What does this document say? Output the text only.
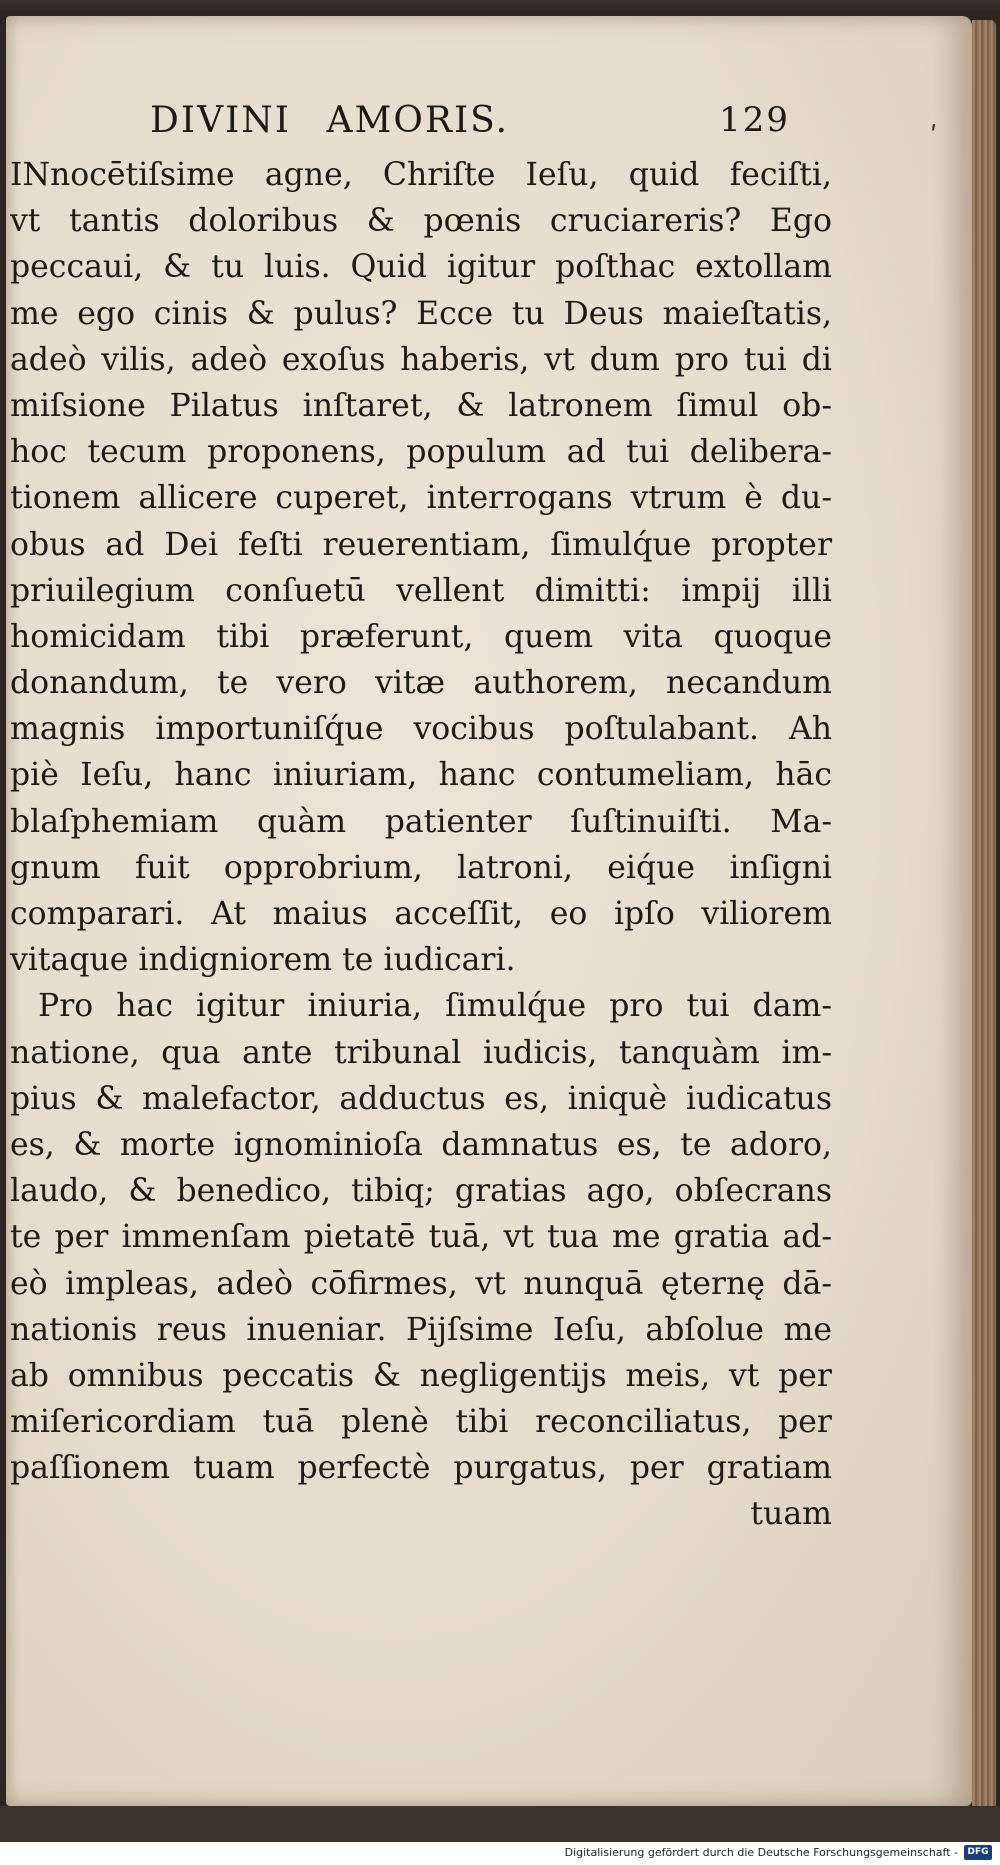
DIVINI AMORIS.	129
INnocētiſsime agne, Chriſte Ieſu, quid feciſti,
vt tantis doloribus & pœnis cruciareris? Ego
peccaui, & tu luis. Quid igitur poſthac extollam
me ego cinis & pulus? Ecce tu Deus maieſtatis,
adeò vilis, adeò exoſus haberis, vt dum pro tui di
miſsione Pilatus inſtaret, & latronem ſimul ob-
hoc tecum proponens, populum ad tui delibera-
tionem allicere cuperet, interrogans vtrum è du-
obus ad Dei feſti reuerentiam, ſimulq́ue propter
priuilegium conſuetū vellent dimitti: impij illi
homicidam tibi præferunt, quem vita quoque
donandum, te vero vitæ authorem, necandum
magnis importuniſq́ue vocibus poſtulabant. Ah
piè Ieſu, hanc iniuriam, hanc contumeliam, hāc
blaſphemiam quàm patienter ſuſtinuiſti. Ma-
gnum fuit opprobrium, latroni, eiq́ue inſigni
comparari. At maius acceſſit, eo ipſo viliorem
vitaque indigniorem te iudicari.
Pro hac igitur iniuria, ſimulq́ue pro tui dam-
natione, qua ante tribunal iudicis, tanquàm im-
pius & malefactor, adductus es, iniquè iudicatus
es, & morte ignominioſa damnatus es, te adoro,
laudo, & benedico, tibiq; gratias ago, obſecrans
te per immenſam pietatē tuā, vt tua me gratia ad-
eò impleas, adeò cōfirmes, vt nunquā ęternę dā-
nationis reus inueniar. Pijſsime Ieſu, abſolue me
ab omnibus peccatis & negligentijs meis, vt per
miſericordiam tuā plenè tibi reconciliatus, per
paſſionem tuam perfectè purgatus, per gratiam
tuam
ʹ
Digitalisierung gefördert durch die Deutsche Forschungsgemeinschaft -	DFG
